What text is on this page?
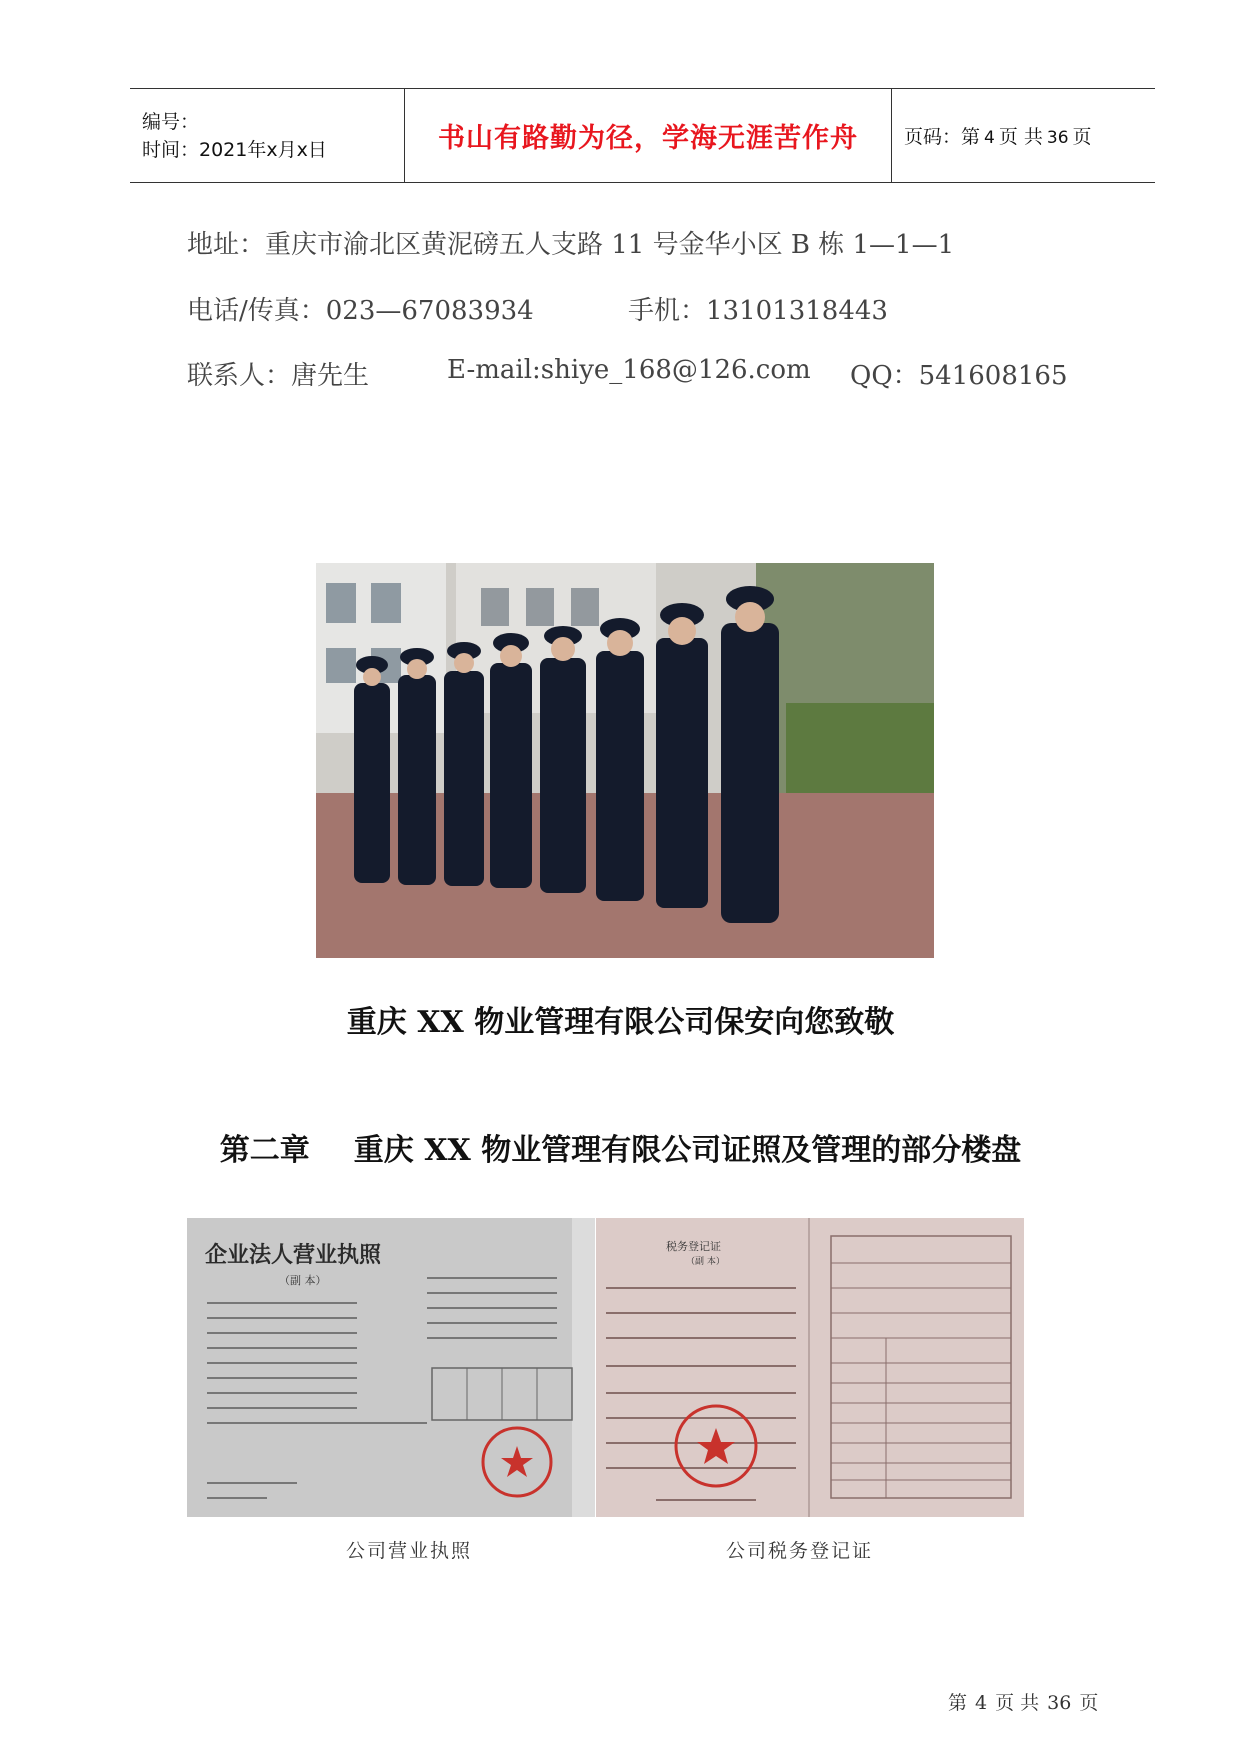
编号：
时间：2021年x月x日	书山有路勤为径，学海无涯苦作舟 页码：第 4 页 共 36 页
地址：重庆市渝北区黄泥磅五人支路 11 号金华小区 B 栋 1—1—1
电话/传真：023—67083934	手机：13101318443
联系人：唐先生	E-mail:shiye_168@126.com QQ：541608165
重庆 XX 物业管理有限公司保安向您致敬
第二章 重庆 XX 物业管理有限公司证照及管理的部分楼盘
企业法人营业执照
（副 本）
税务登记证
（副 本）
公司营业执照	公司税务登记证
第 4 页 共 36 页
